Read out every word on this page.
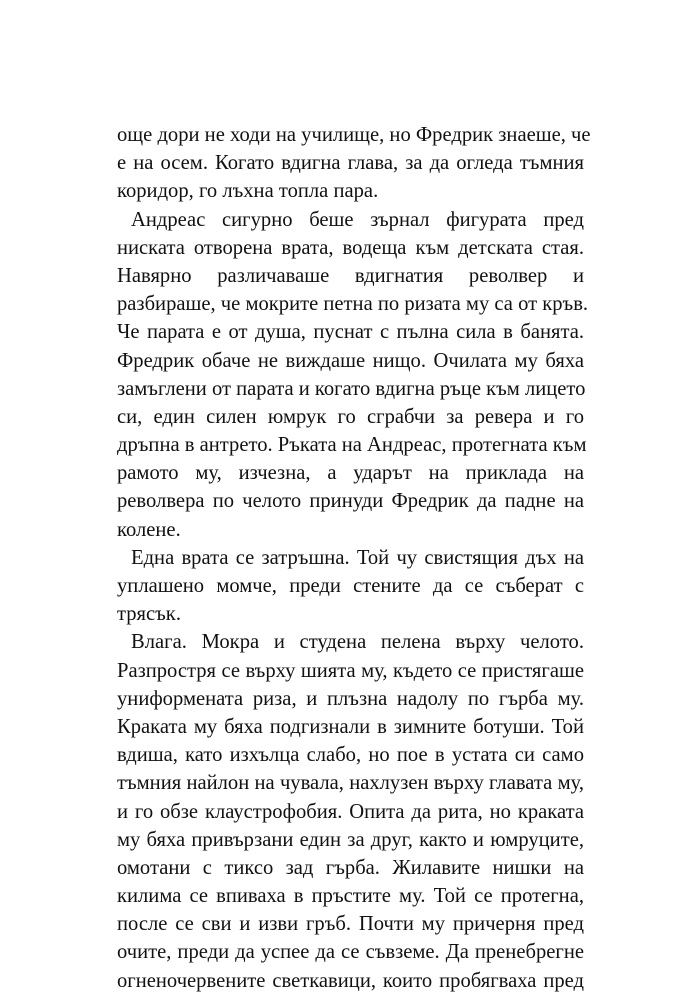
още дори не ходи на училище, но Фредрик знаеше, че
е на осем. Когато вдигна глава, за да огледа тъмния
коридор, го лъхна топла пара.

Андреас сигурно беше зърнал фигурата пред
ниската отворена врата, водеща към детската стая.
Навярно различаваше вдигнатия револвер и
разбираше, че мокрите петна по ризата му са от кръв.
Че парата е от душа, пуснат с пълна сила в банята.
Фредрик обаче не виждаше нищо. Очилата му бяха
замъглени от парата и когато вдигна ръце към лицето
си, един силен юмрук го сграбчи за ревера и го
дръпна в антрето. Ръката на Андреас, протегната към
рамото му, изчезна, а ударът на приклада на
револвера по челото принуди Фредрик да падне на
колене.

Една врата се затръшна. Той чу свистящия дъх на
уплашено момче, преди стените да се съберат с
трясък.

Влага. Мокра и студена пелена върху челото.
Разпростря се върху шията му, където се пристягаше
униформената риза, и плъзна надолу по гърба му.
Краката му бяха подгизнали в зимните ботуши. Той
вдиша, като изхълца слабо, но пое в устата си само
тъмния найлон на чувала, нахлузен върху главата му,
и го обзе клаустрофобия. Опита да рита, но краката
му бяха привързани един за друг, както и юмруците,
омотани с тиксо зад гърба. Жилавите нишки на
килима се впиваха в пръстите му. Той се протегна,
после се сви и изви гръб. Почти му причерня пред
очите, преди да успее да се съвземе. Да пренебрегне
огненочервените светкавици, които пробягваха пред
